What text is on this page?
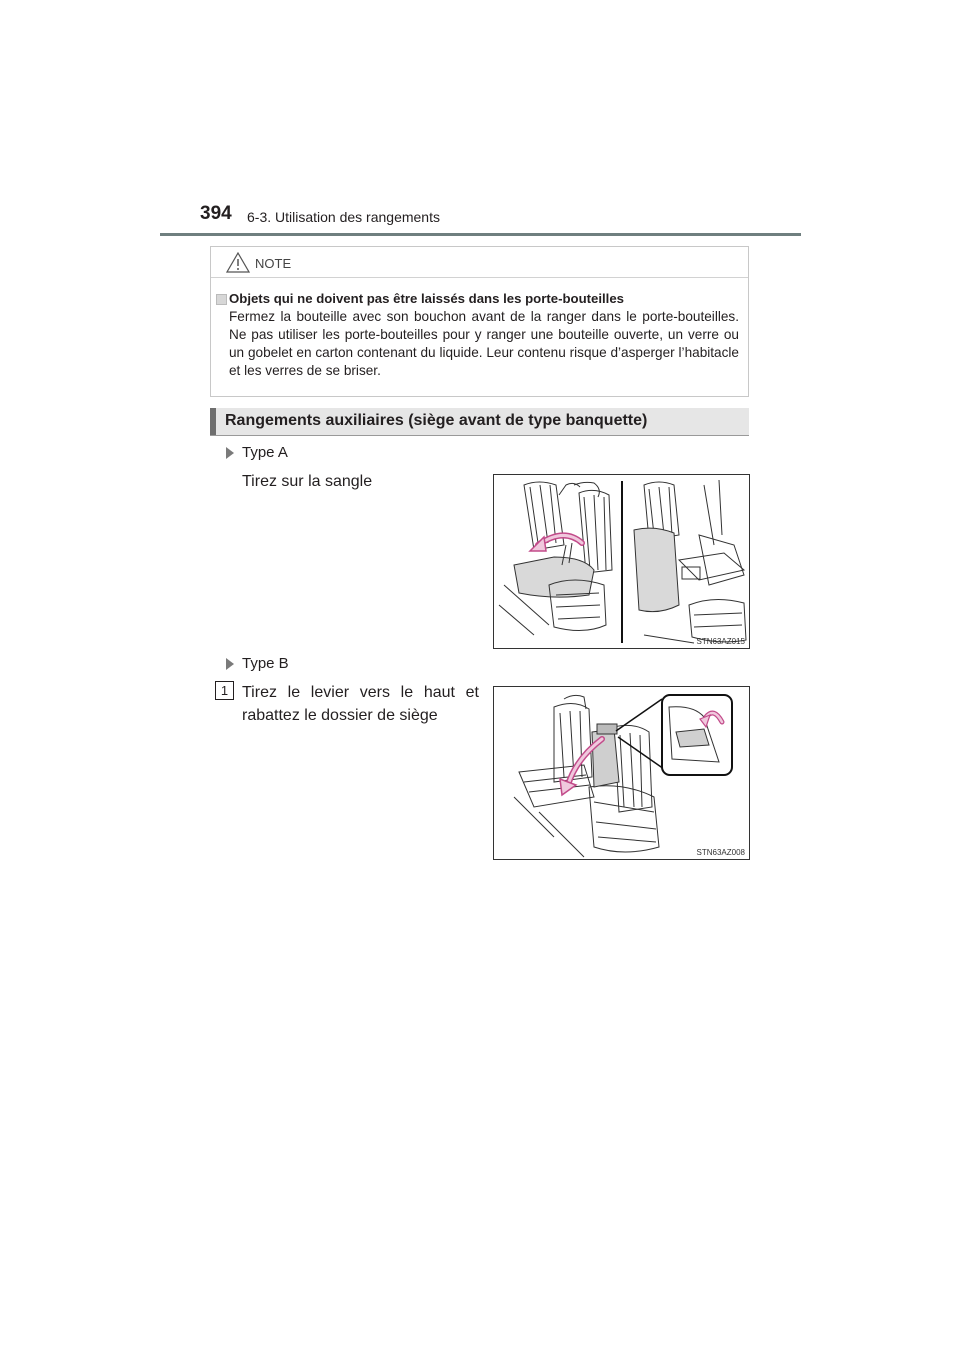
394 6-3. Utilisation des rangements
NOTE
Objets qui ne doivent pas être laissés dans les porte-bouteilles
Fermez la bouteille avec son bouchon avant de la ranger dans le porte-bouteilles. Ne pas utiliser les porte-bouteilles pour y ranger une bouteille ouverte, un verre ou un gobelet en carton contenant du liquide. Leur contenu risque d’asperger l’habitacle et les verres de se briser.
Rangements auxiliaires (siège avant de type banquette)
Type A
Tirez sur la sangle
STN63AZ015
Type B
1 Tirez le levier vers le haut et rabattez le dossier de siège
STN63AZ008
